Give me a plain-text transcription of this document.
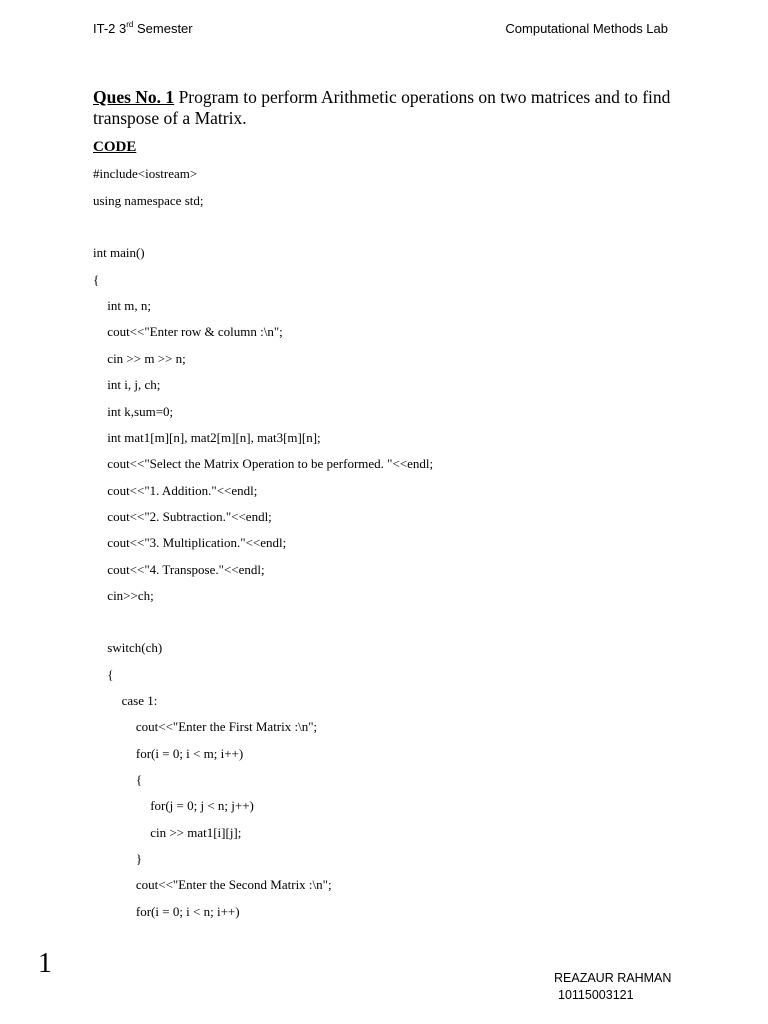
IT-2 3rd Semester	Computational Methods Lab
Ques No. 1 Program to perform Arithmetic operations on two matrices and to find transpose of a Matrix.
CODE
#include<iostream>
using namespace std;
int main()
{
int m, n;
cout<<"Enter row & column :\n";
cin >> m >> n;
int i, j, ch;
int k,sum=0;
int mat1[m][n], mat2[m][n], mat3[m][n];
cout<<"Select the Matrix Operation to be performed. "<<endl;
cout<<"1. Addition."<<endl;
cout<<"2. Subtraction."<<endl;
cout<<"3. Multiplication."<<endl;
cout<<"4. Transpose."<<endl;
cin>>ch;
switch(ch)
{
case 1:
cout<<"Enter the First Matrix :\n";
for(i = 0; i < m; i++)
{
for(j = 0; j < n; j++)
cin >> mat1[i][j];
}
cout<<"Enter the Second Matrix :\n";
for(i = 0; i < n; i++)
1	REAZAUR RAHMAN
10115003121
